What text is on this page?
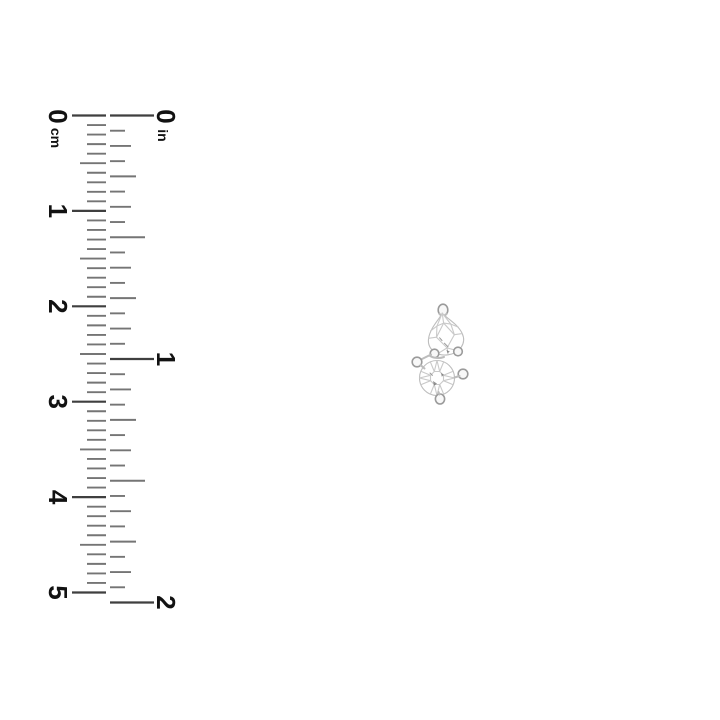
0
cm
1
2
3
4
5
0
in
1
2
